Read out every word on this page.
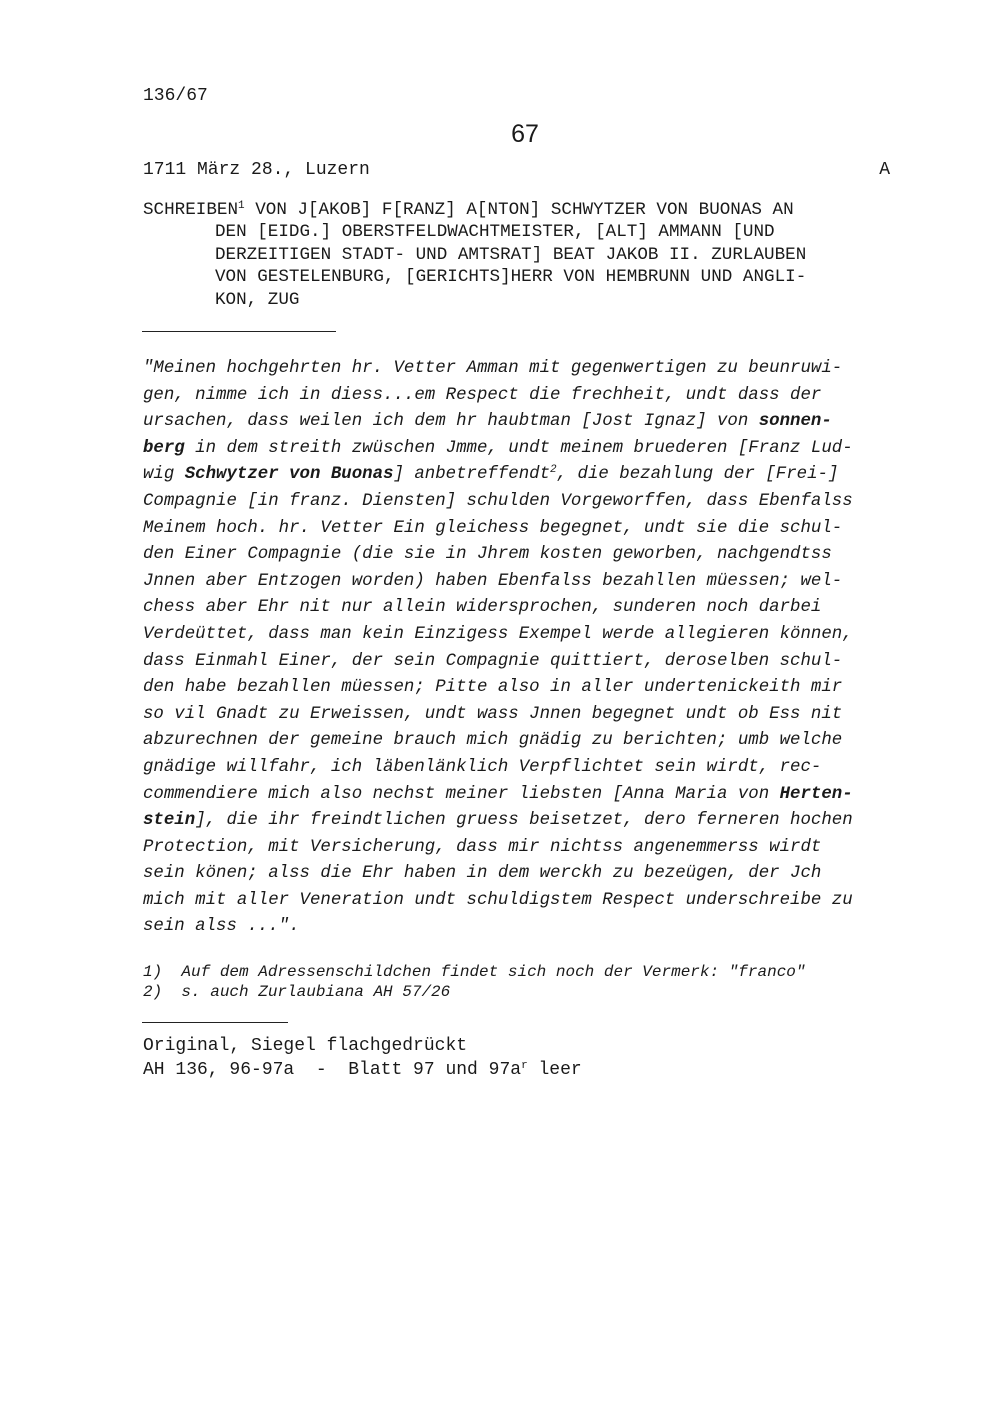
136/67
67
1711 März 28., Luzern	A
SCHREIBEN$^1$ VON J[AKOB] F[RANZ] A[NTON] SCHWYTZER VON BUONAS AN
DEN [EIDG.] OBERSTFELDWACHTMEISTER, [ALT] AMMANN [UND
DERZEITIGEN STADT- UND AMTSRAT] BEAT JAKOB II. ZURLAUBEN
VON GESTELENBURG, [GERICHTS]HERR VON HEMBRUNN UND ANGLI-
KON, ZUG
"Meinen hochgehrten hr. Vetter Amman mit gegenwertigen zu beunruwi-
gen, nimme ich in diess...em Respect die frechheit, undt dass der
ursachen, dass weilen ich dem hr haubtman [Jost Ignaz] von sonnen-
berg in dem streith zwüschen Jmme, undt meinem bruederen [Franz Lud-
wig Schwytzer von Buonas] anbetreffendt$^2$, die bezahlung der [Frei-]
Compagnie [in franz. Diensten] schulden Vorgeworffen, dass Ebenfalss
Meinem hoch. hr. Vetter Ein gleichess begegnet, undt sie die schul-
den Einer Compagnie (die sie in Jhrem kosten geworben, nachgendtss
Jnnen aber Entzogen worden) haben Ebenfalss bezahllen müessen; wel-
chess aber Ehr nit nur allein widersprochen, sunderen noch darbei
Verdeüttet, dass man kein Einzigess Exempel werde allegieren können,
dass Einmahl Einer, der sein Compagnie quittiert, deroselben schul-
den habe bezahllen müessen; Pitte also in aller undertenickeith mir
so vil Gnadt zu Erweissen, undt wass Jnnen begegnet undt ob Ess nit
abzurechnen der gemeine brauch mich gnädig zu berichten; umb welche
gnädige willfahr, ich läbenlänklich Verpflichtet sein wirdt, rec-
commendiere mich also nechst meiner liebsten [Anna Maria von Herten-
stein], die ihr freindtlichen gruess beisetzet, dero ferneren hochen
Protection, mit Versicherung, dass mir nichtss angenemmerss wirdt
sein könen; alss die Ehr haben in dem werckh zu bezeügen, der Jch
mich mit aller Veneration undt schuldigstem Respect underschreibe zu
sein alss ...".
1)  Auf dem Adressenschildchen findet sich noch der Vermerk: "franco"
2)  s. auch Zurlaubiana AH 57/26
Original, Siegel flachgedrückt
AH 136, 96-97a  -  Blatt 97 und $97a^r$ leer
